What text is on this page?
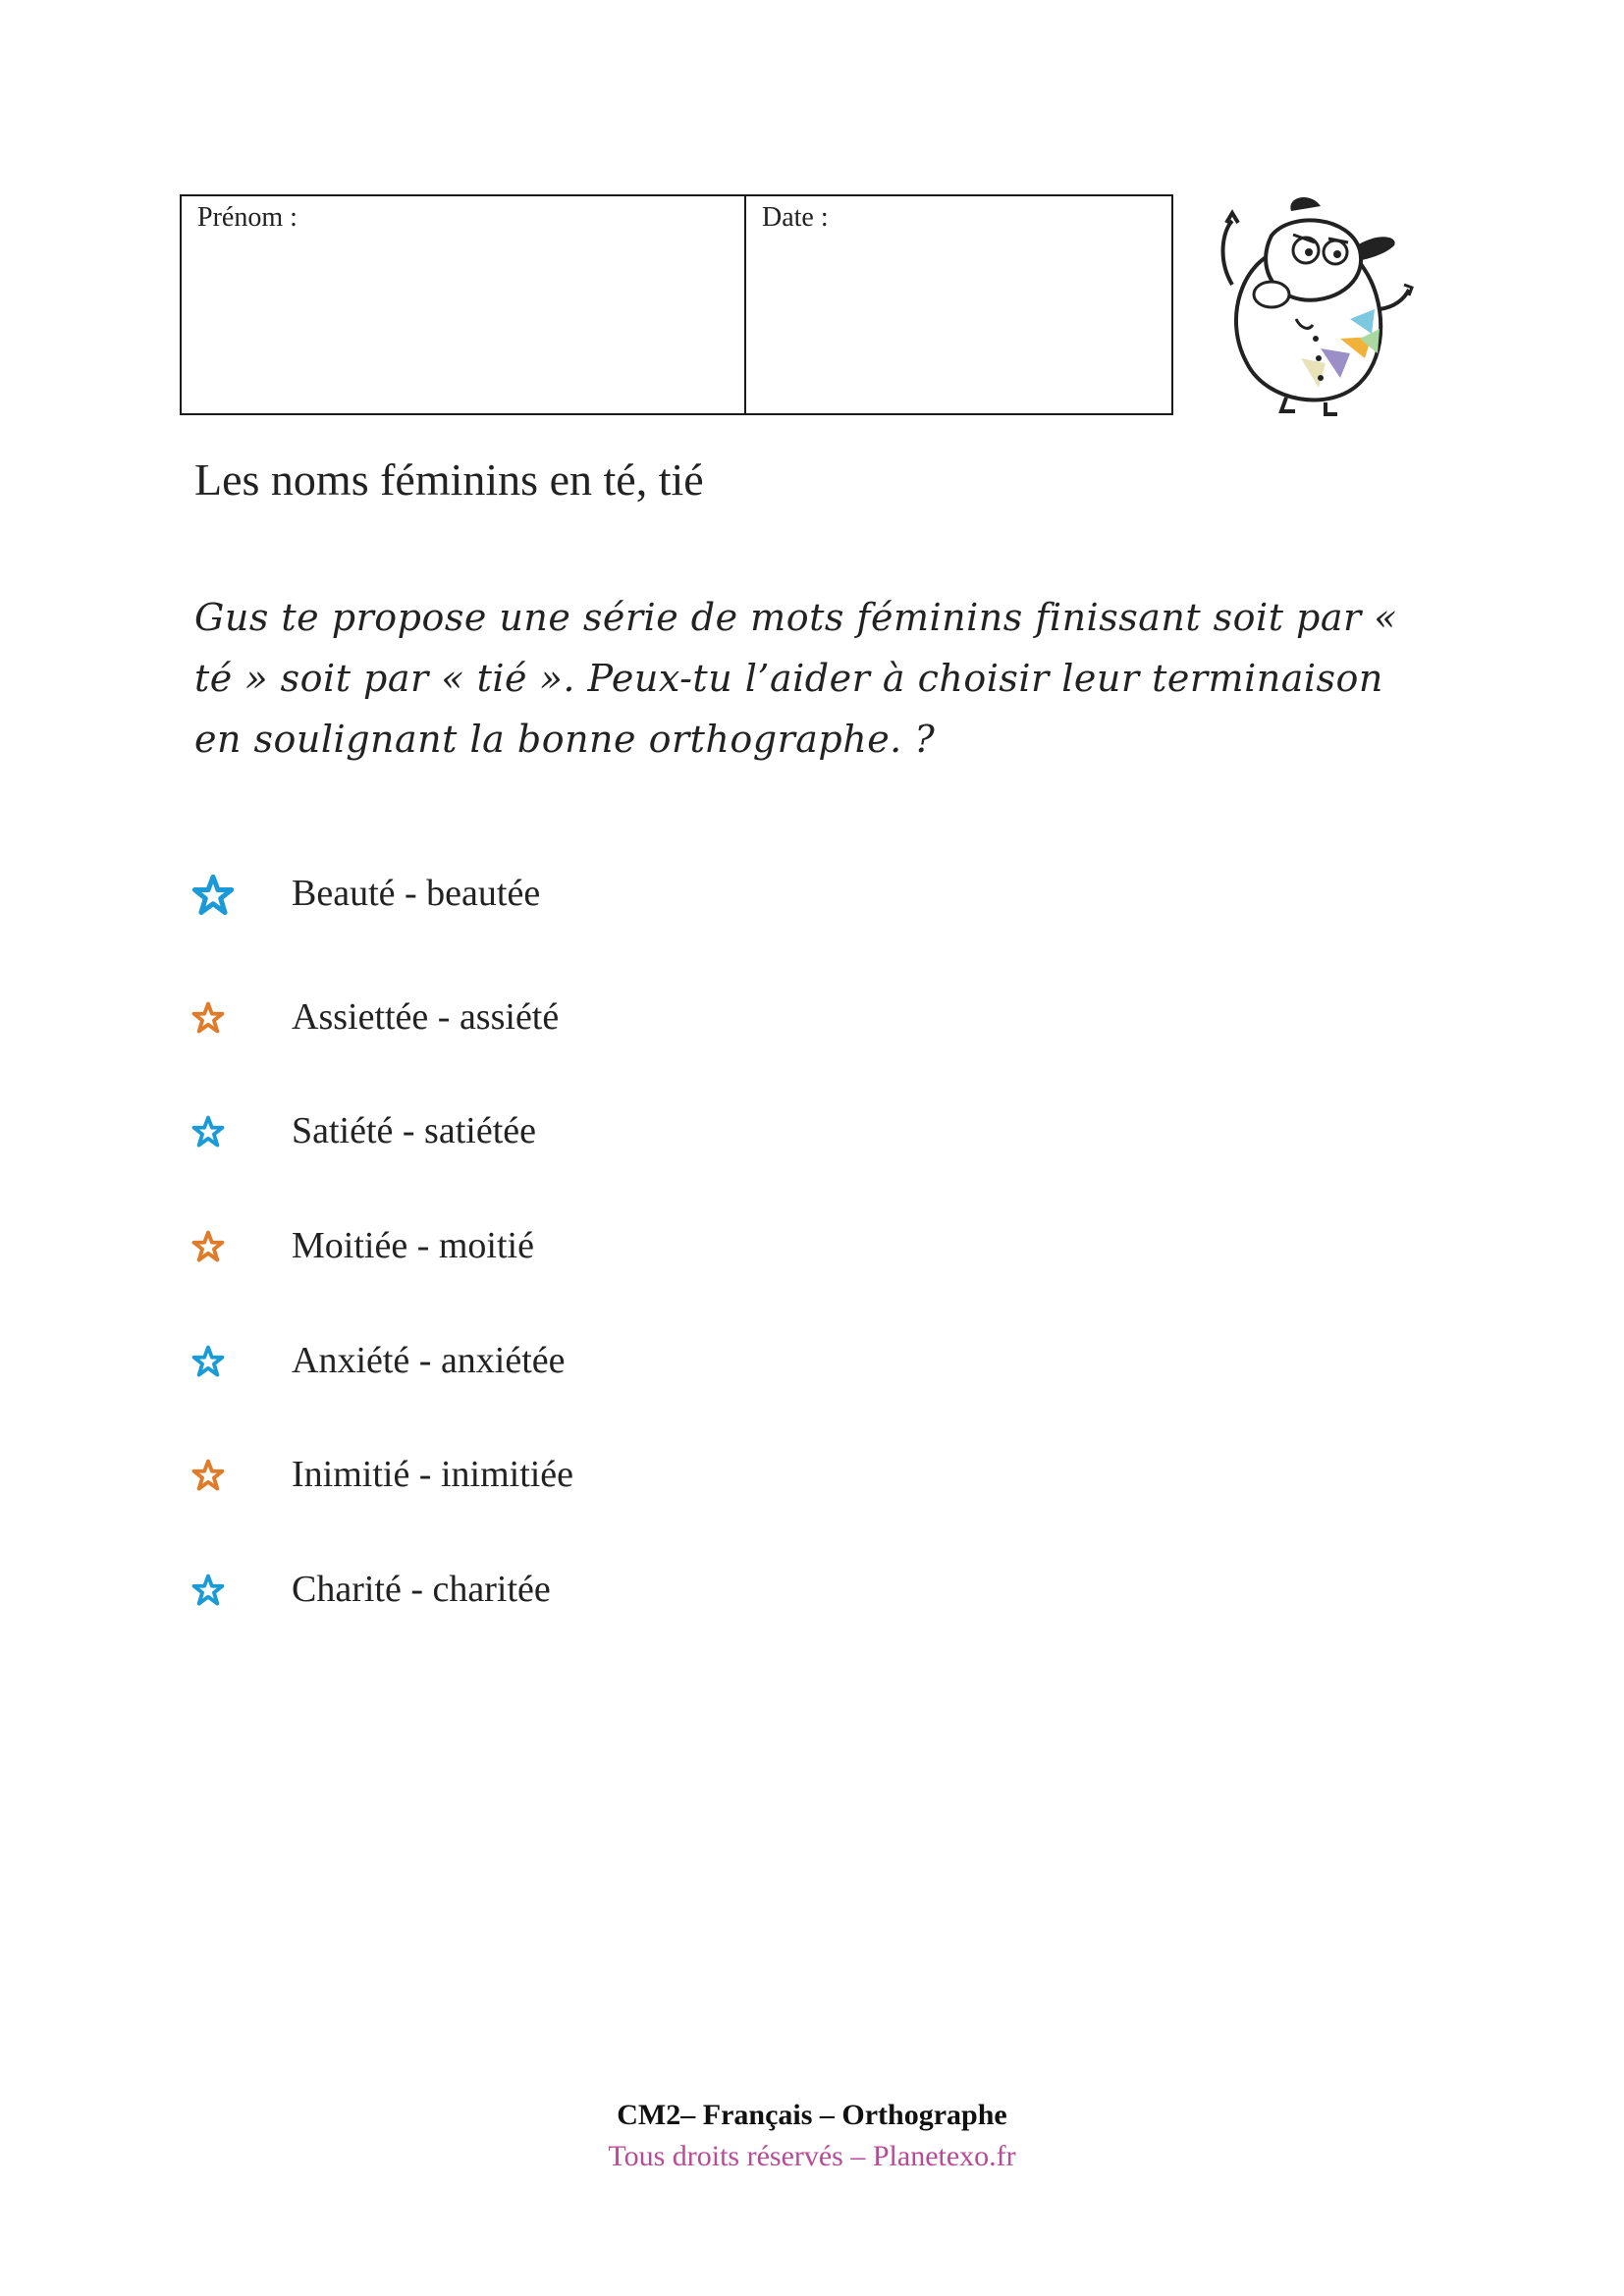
Prénom :	Date :
Les noms féminins en té, tié
Gus te propose une série de mots féminins finissant soit par « té » soit par « tié ». Peux-tu l’aider à choisir leur terminaison en soulignant la bonne orthographe. ?
Beauté - beautée
Assiettée - assiété
Satiété - satiétée
Moitiée - moitié
Anxiété - anxiétée
Inimitié - inimitiée
Charité - charitée
CM2– Français – Orthographe
Tous droits réservés – Planetexo.fr
